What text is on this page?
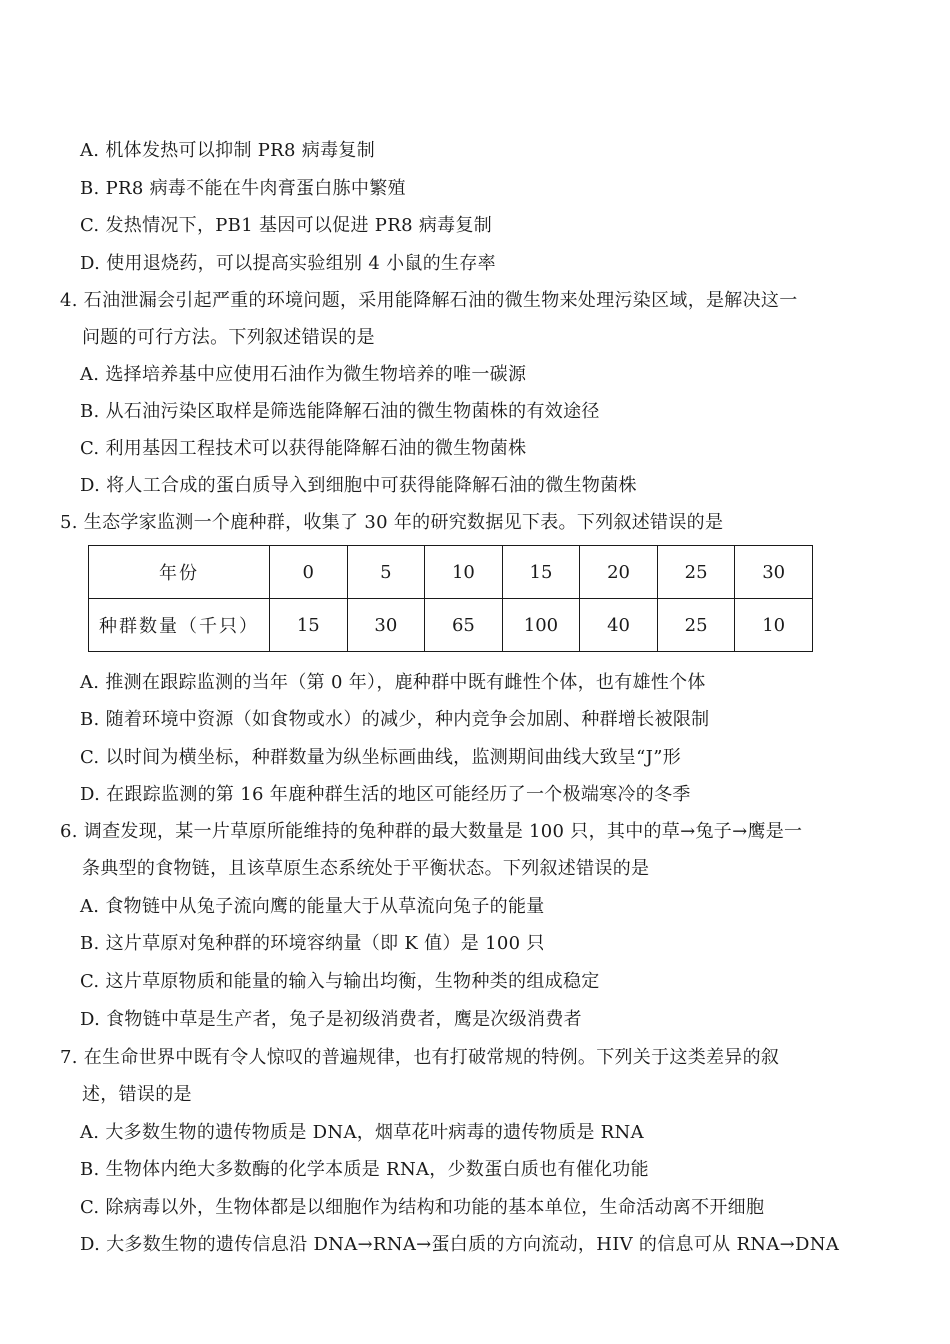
A. 机体发热可以抑制 PR8 病毒复制
B. PR8 病毒不能在牛肉膏蛋白胨中繁殖
C. 发热情况下，PB1 基因可以促进 PR8 病毒复制
D. 使用退烧药，可以提高实验组别 4 小鼠的生存率
4. 石油泄漏会引起严重的环境问题，采用能降解石油的微生物来处理污染区域，是解决这一
问题的可行方法。下列叙述错误的是
A. 选择培养基中应使用石油作为微生物培养的唯一碳源
B. 从石油污染区取样是筛选能降解石油的微生物菌株的有效途径
C. 利用基因工程技术可以获得能降解石油的微生物菌株
D. 将人工合成的蛋白质导入到细胞中可获得能降解石油的微生物菌株
5. 生态学家监测一个鹿种群，收集了 30 年的研究数据见下表。下列叙述错误的是
年份	0	5	10	15	20	25	30
种群数量（千只）	15	30	65	100	40	25	10
A. 推测在跟踪监测的当年（第 0 年），鹿种群中既有雌性个体，也有雄性个体
B. 随着环境中资源（如食物或水）的减少，种内竞争会加剧、种群增长被限制
C. 以时间为横坐标，种群数量为纵坐标画曲线，监测期间曲线大致呈“J”形
D. 在跟踪监测的第 16 年鹿种群生活的地区可能经历了一个极端寒冷的冬季
6. 调查发现，某一片草原所能维持的兔种群的最大数量是 100 只，其中的草→兔子→鹰是一
条典型的食物链，且该草原生态系统处于平衡状态。下列叙述错误的是
A. 食物链中从兔子流向鹰的能量大于从草流向兔子的能量
B. 这片草原对兔种群的环境容纳量（即 K 值）是 100 只
C. 这片草原物质和能量的输入与输出均衡，生物种类的组成稳定
D. 食物链中草是生产者，兔子是初级消费者，鹰是次级消费者
7. 在生命世界中既有令人惊叹的普遍规律，也有打破常规的特例。下列关于这类差异的叙
述，错误的是
A. 大多数生物的遗传物质是 DNA，烟草花叶病毒的遗传物质是 RNA
B. 生物体内绝大多数酶的化学本质是 RNA，少数蛋白质也有催化功能
C. 除病毒以外，生物体都是以细胞作为结构和功能的基本单位，生命活动离不开细胞
D. 大多数生物的遗传信息沿 DNA→RNA→蛋白质的方向流动，HIV 的信息可从 RNA→DNA
